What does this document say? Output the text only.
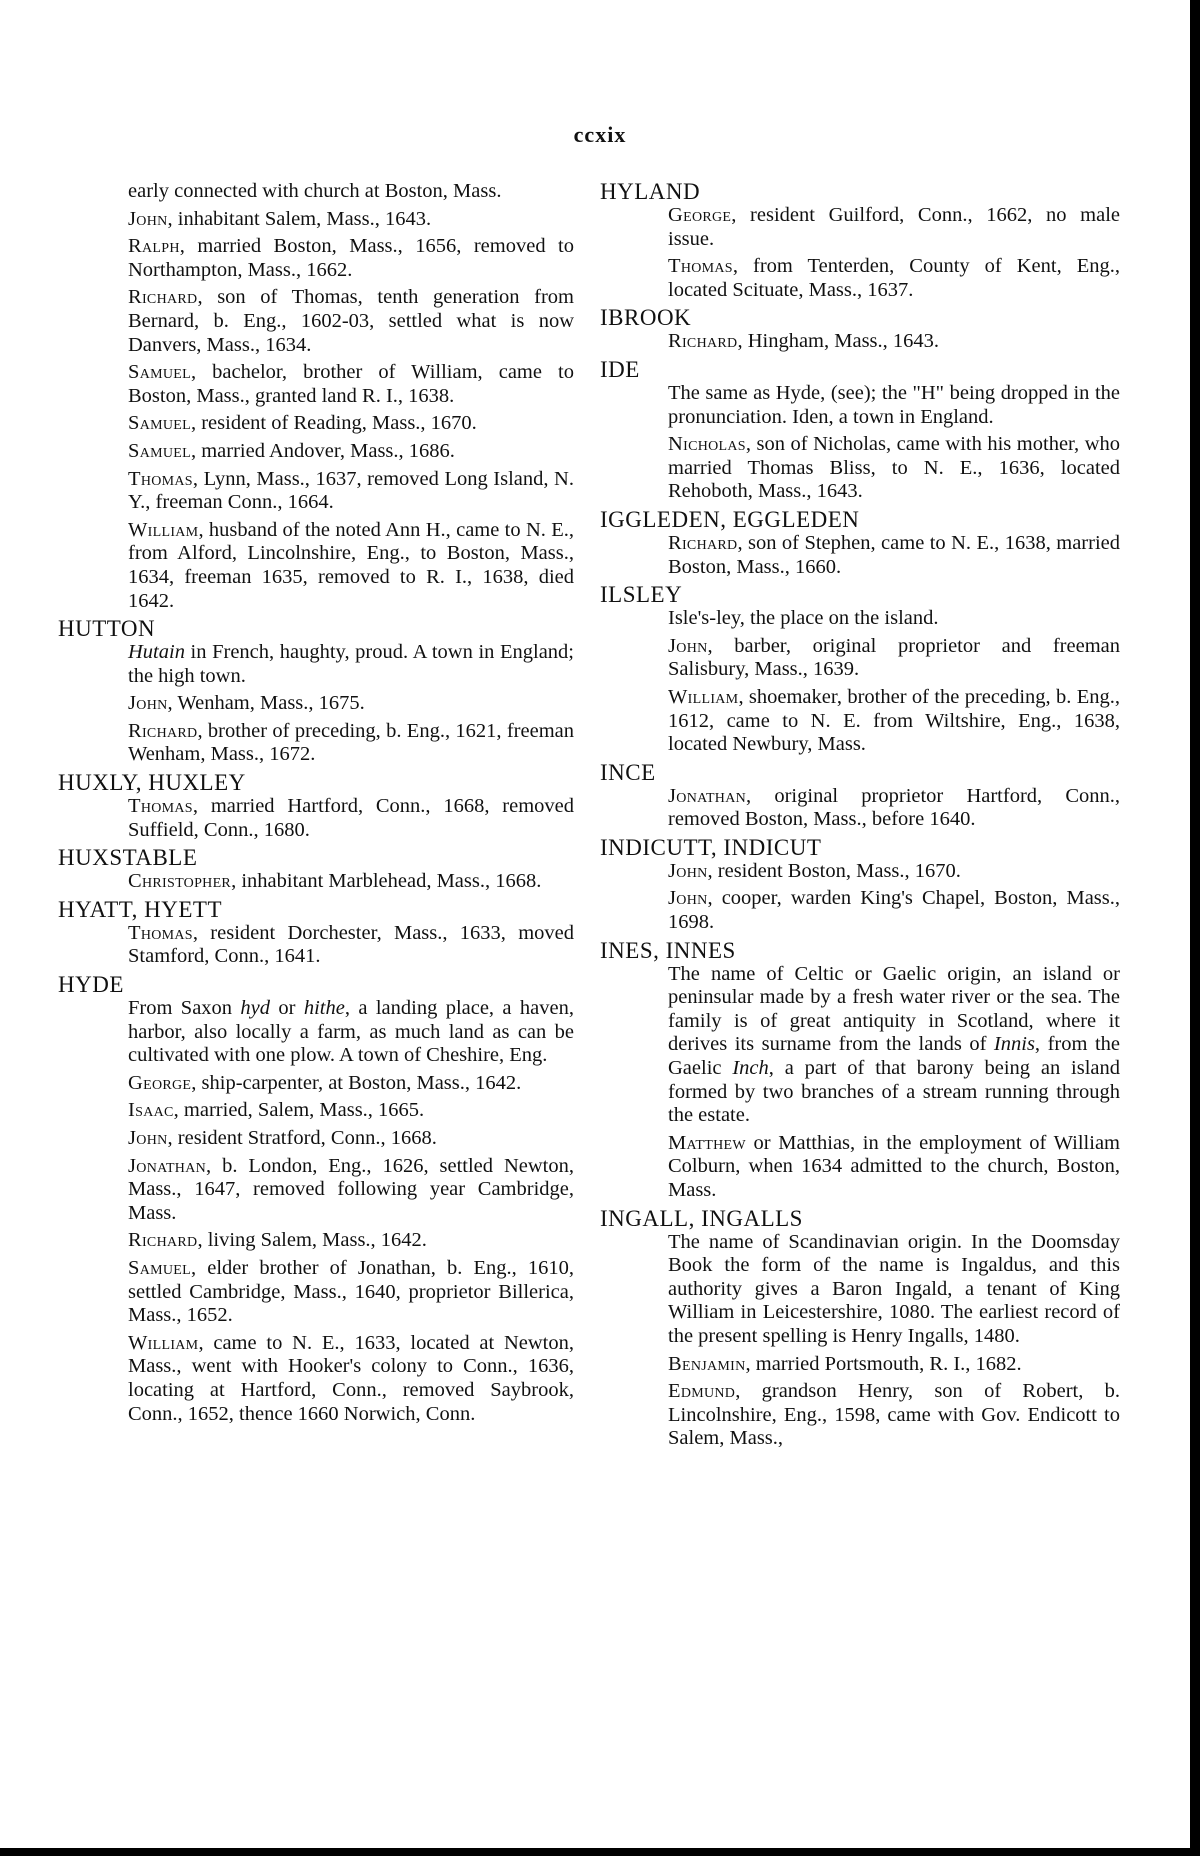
ccxix

early connected with church at Boston, Mass.

John, inhabitant Salem, Mass., 1643.

Ralph, married Boston, Mass., 1656, removed to Northampton, Mass., 1662.

Richard, son of Thomas, tenth generation from Bernard, b. Eng., 1602-03, settled what is now Danvers, Mass., 1634.

Samuel, bachelor, brother of William, came to Boston, Mass., granted land R. I., 1638.

Samuel, resident of Reading, Mass., 1670.

Samuel, married Andover, Mass., 1686.

Thomas, Lynn, Mass., 1637, removed Long Island, N. Y., freeman Conn., 1664.

William, husband of the noted Ann H., came to N. E., from Alford, Lincolnshire, Eng., to Boston, Mass., 1634, freeman 1635, removed to R. I., 1638, died 1642.

HUTTON

Hutain in French, haughty, proud. A town in England; the high town.

John, Wenham, Mass., 1675.

Richard, brother of preceding, b. Eng., 1621, freeman Wenham, Mass., 1672.

HUXLY, HUXLEY

Thomas, married Hartford, Conn., 1668, removed Suffield, Conn., 1680.

HUXSTABLE

Christopher, inhabitant Marblehead, Mass., 1668.

HYATT, HYETT

Thomas, resident Dorchester, Mass., 1633, moved Stamford, Conn., 1641.

HYDE

From Saxon hyd or hithe, a landing place, a haven, harbor, also locally a farm, as much land as can be cultivated with one plow. A town of Cheshire, Eng.

George, ship-carpenter, at Boston, Mass., 1642.

Isaac, married, Salem, Mass., 1665.

John, resident Stratford, Conn., 1668.

Jonathan, b. London, Eng., 1626, settled Newton, Mass., 1647, removed following year Cambridge, Mass.

Richard, living Salem, Mass., 1642.

Samuel, elder brother of Jonathan, b. Eng., 1610, settled Cambridge, Mass., 1640, proprietor Billerica, Mass., 1652.

William, came to N. E., 1633, located at Newton, Mass., went with Hooker's colony to Conn., 1636, locating at Hartford, Conn., removed Saybrook, Conn., 1652, thence 1660 Norwich, Conn.

HYLAND

George, resident Guilford, Conn., 1662, no male issue.

Thomas, from Tenterden, County of Kent, Eng., located Scituate, Mass., 1637.

IBROOK

Richard, Hingham, Mass., 1643.

IDE

The same as Hyde, (see); the "H" being dropped in the pronunciation. Iden, a town in England.

Nicholas, son of Nicholas, came with his mother, who married Thomas Bliss, to N. E., 1636, located Rehoboth, Mass., 1643.

IGGLEDEN, EGGLEDEN

Richard, son of Stephen, came to N. E., 1638, married Boston, Mass., 1660.

ILSLEY

Isle's-ley, the place on the island.

John, barber, original proprietor and freeman Salisbury, Mass., 1639.

William, shoemaker, brother of the preceding, b. Eng., 1612, came to N. E. from Wiltshire, Eng., 1638, located Newbury, Mass.

INCE

Jonathan, original proprietor Hartford, Conn., removed Boston, Mass., before 1640.

INDICUTT, INDICUT

John, resident Boston, Mass., 1670.

John, cooper, warden King's Chapel, Boston, Mass., 1698.

INES, INNES

The name of Celtic or Gaelic origin, an island or peninsular made by a fresh water river or the sea. The family is of great antiquity in Scotland, where it derives its surname from the lands of Innis, from the Gaelic Inch, a part of that barony being an island formed by two branches of a stream running through the estate.

Matthew or Matthias, in the employment of William Colburn, when 1634 admitted to the church, Boston, Mass.

INGALL, INGALLS

The name of Scandinavian origin. In the Doomsday Book the form of the name is Ingaldus, and this authority gives a Baron Ingald, a tenant of King William in Leicestershire, 1080. The earliest record of the present spelling is Henry Ingalls, 1480.

Benjamin, married Portsmouth, R. I., 1682.

Edmund, grandson Henry, son of Robert, b. Lincolnshire, Eng., 1598, came with Gov. Endicott to Salem, Mass.,
